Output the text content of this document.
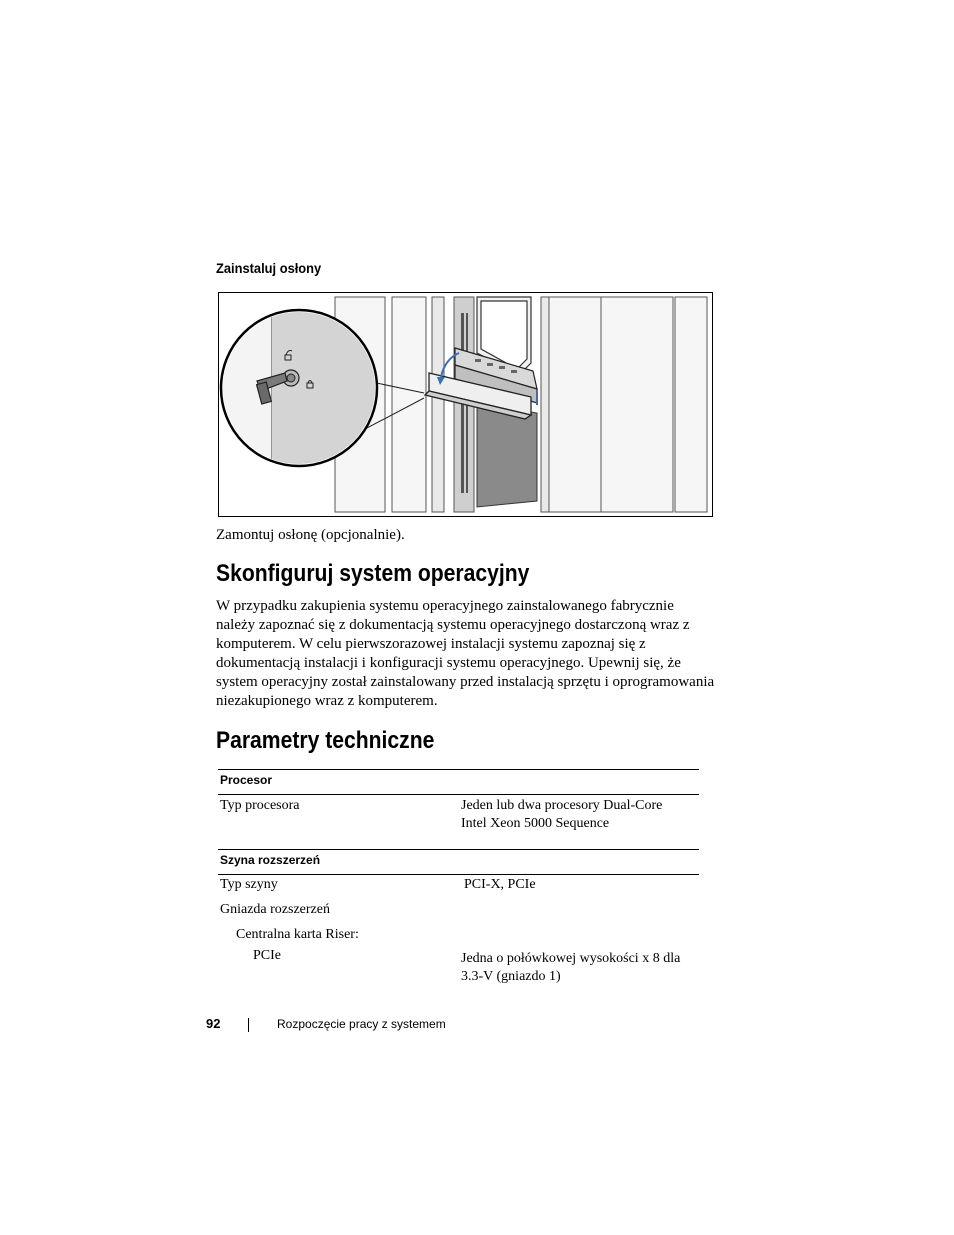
Zainstaluj osłony
Zamontuj osłonę (opcjonalnie).
Skonfiguruj system operacyjny
W przypadku zakupienia systemu operacyjnego zainstalowanego fabrycznie należy zapoznać się z dokumentacją systemu operacyjnego dostarczoną wraz z komputerem. W celu pierwszorazowej instalacji systemu zapoznaj się z dokumentacją instalacji i konfiguracji systemu operacyjnego. Upewnij się, że system operacyjny został zainstalowany przed instalacją sprzętu i oprogramowania niezakupionego wraz z komputerem.
Parametry techniczne
Procesor
Typ procesora	Jeden lub dwa procesory Dual-Core
Intel Xeon 5000 Sequence
Szyna rozszerzeń
Typ szyny	PCI-X, PCIe
Gniazda rozszerzeń
Centralna karta Riser:
PCIe	Jedna o połówkowej wysokości x 8 dla
3.3-V (gniazdo 1)
92	Rozpoczęcie pracy z systemem
